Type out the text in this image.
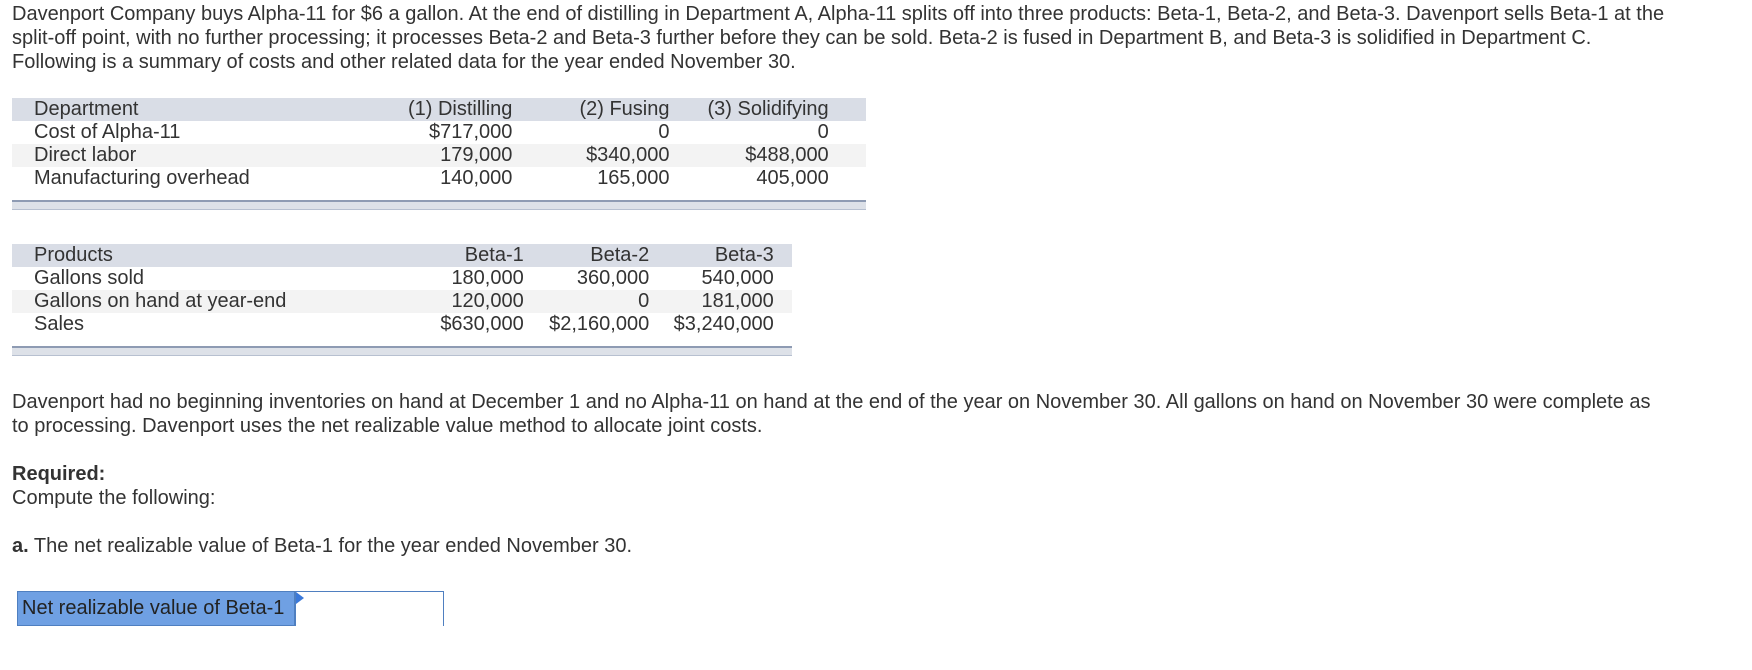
Davenport Company buys Alpha-11 for $6 a gallon. At the end of distilling in Department A, Alpha-11 splits off into three products: Beta-1, Beta-2, and Beta-3. Davenport sells Beta-1 at the
split-off point, with no further processing; it processes Beta-2 and Beta-3 further before they can be sold. Beta-2 is fused in Department B, and Beta-3 is solidified in Department C.
Following is a summary of costs and other related data for the year ended November 30.
Department	(1) Distilling	(2) Fusing	(3) Solidifying	
Cost of Alpha-11	$717,000	0	0	
Direct labor	179,000	$340,000	$488,000	
Manufacturing overhead	140,000	165,000	405,000	
Products	Beta-1	Beta-2	Beta-3	
Gallons sold	180,000	360,000	540,000	
Gallons on hand at year-end	120,000	0	181,000	
Sales	$630,000	$2,160,000	$3,240,000	
Davenport had no beginning inventories on hand at December 1 and no Alpha-11 on hand at the end of the year on November 30. All gallons on hand on November 30 were complete as
to processing. Davenport uses the net realizable value method to allocate joint costs.
Required:
Compute the following:
a. The net realizable value of Beta-1 for the year ended November 30.
Net realizable value of Beta-1
